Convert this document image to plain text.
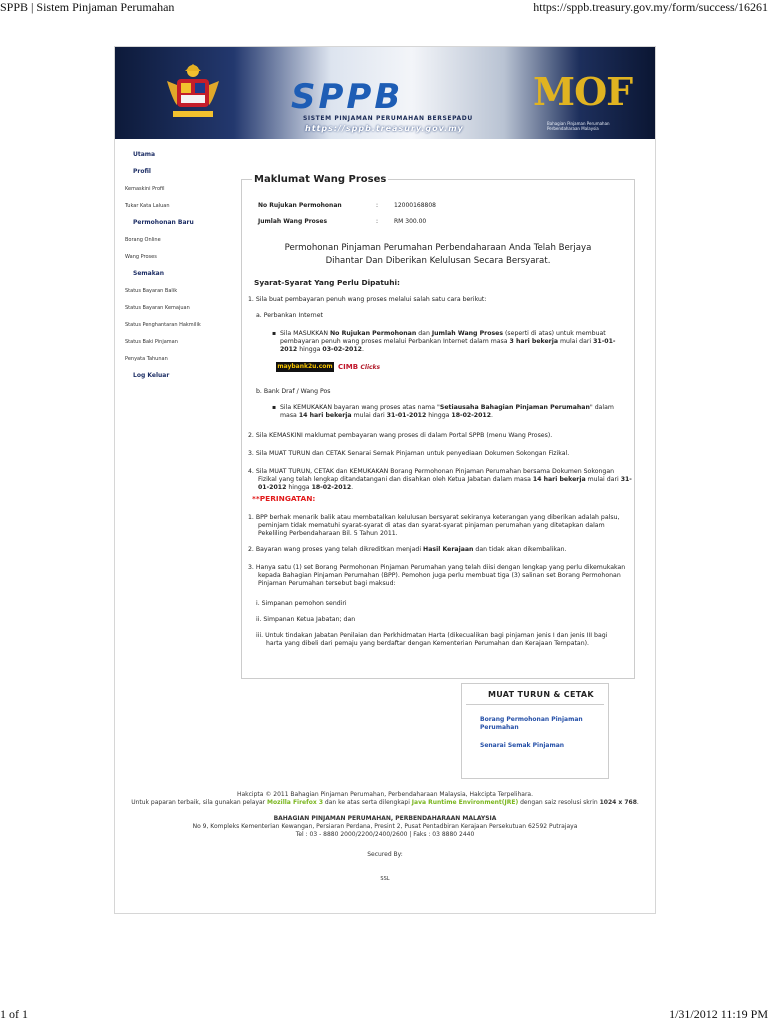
SPPB | Sistem Pinjaman Perumahan	https://sppb.treasury.gov.my/form/success/16261
SPPB
SISTEM PINJAMAN PERUMAHAN BERSEPADU
https://sppb.treasury.gov.my
MOF
Bahagian Pinjaman Perumahan Perbendaharaan Malaysia
Utama
Profil
Kemaskini Profil
Tukar Kata Laluan
Permohonan Baru
Borang Online
Wang Proses
Semakan
Status Bayaran Balik
Status Bayaran Kemajuan
Status Penghantaran Hakmilik
Status Baki Pinjaman
Penyata Tahunan
Log Keluar
Maklumat Wang Proses
No Rujukan Permohonan	:	12000168808
Jumlah Wang Proses	:	RM 300.00
Permohonan Pinjaman Perumahan Perbendaharaan Anda Telah Berjaya
Dihantar Dan Diberikan Kelulusan Secara Bersyarat.
Syarat-Syarat Yang Perlu Dipatuhi:
1. Sila buat pembayaran penuh wang proses melalui salah satu cara berikut:
a. Perbankan Internet
▪ Sila MASUKKAN No Rujukan Permohonan dan Jumlah Wang Proses (seperti di atas) untuk membuat pembayaran penuh wang proses melalui Perbankan Internet dalam masa 3 hari bekerja mulai dari 31-01-2012 hingga 03-02-2012.
maybank2u.com CIMB Clicks
b. Bank Draf / Wang Pos
▪ Sila KEMUKAKAN bayaran wang proses atas nama "Setiausaha Bahagian Pinjaman Perumahan" dalam masa 14 hari bekerja mulai dari 31-01-2012 hingga 18-02-2012.
2. Sila KEMASKINI maklumat pembayaran wang proses di dalam Portal SPPB (menu Wang Proses).
3. Sila MUAT TURUN dan CETAK Senarai Semak Pinjaman untuk penyediaan Dokumen Sokongan Fizikal.
4. Sila MUAT TURUN, CETAK dan KEMUKAKAN Borang Permohonan Pinjaman Perumahan bersama Dokumen Sokongan Fizikal yang telah lengkap ditandatangani dan disahkan oleh Ketua Jabatan dalam masa 14 hari bekerja mulai dari 31-01-2012 hingga 18-02-2012.
**PERINGATAN:
1. BPP berhak menarik balik atau membatalkan kelulusan bersyarat sekiranya keterangan yang diberikan adalah palsu, peminjam tidak mematuhi syarat-syarat di atas dan syarat-syarat pinjaman perumahan yang ditetapkan dalam Pekeliling Perbendaharaan Bil. 5 Tahun 2011.
2. Bayaran wang proses yang telah dikreditkan menjadi Hasil Kerajaan dan tidak akan dikembalikan.
3. Hanya satu (1) set Borang Permohonan Pinjaman Perumahan yang telah diisi dengan lengkap yang perlu dikemukakan kepada Bahagian Pinjaman Perumahan (BPP). Pemohon juga perlu membuat tiga (3) salinan set Borang Permohonan Pinjaman Perumahan tersebut bagi maksud:
i. Simpanan pemohon sendiri
ii. Simpanan Ketua Jabatan; dan
iii. Untuk tindakan Jabatan Penilaian dan Perkhidmatan Harta (dikecualikan bagi pinjaman jenis I dan jenis III bagi harta yang dibeli dari pemaju yang berdaftar dengan Kementerian Perumahan dan Kerajaan Tempatan).
MUAT TURUN & CETAK
Borang Permohonan Pinjaman Perumahan
Senarai Semak Pinjaman
Hakcipta © 2011 Bahagian Pinjaman Perumahan, Perbendaharaan Malaysia, Hakcipta Terpelihara.
Untuk paparan terbaik, sila gunakan pelayar Mozilla Firefox 3 dan ke atas serta dilengkapi Java Runtime Environment(JRE) dengan saiz resolusi skrin 1024 x 768.
BAHAGIAN PINJAMAN PERUMAHAN, PERBENDAHARAAN MALAYSIA
No 9, Kompleks Kementerian Kewangan, Persiaran Perdana, Presint 2, Pusat Pentadbiran Kerajaan Persekutuan 62592 Putrajaya
Tel : 03 - 8880 2000/2200/2400/2600 | Faks : 03 8880 2440
Secured By:
SSL
1 of 1	1/31/2012 11:19 PM
